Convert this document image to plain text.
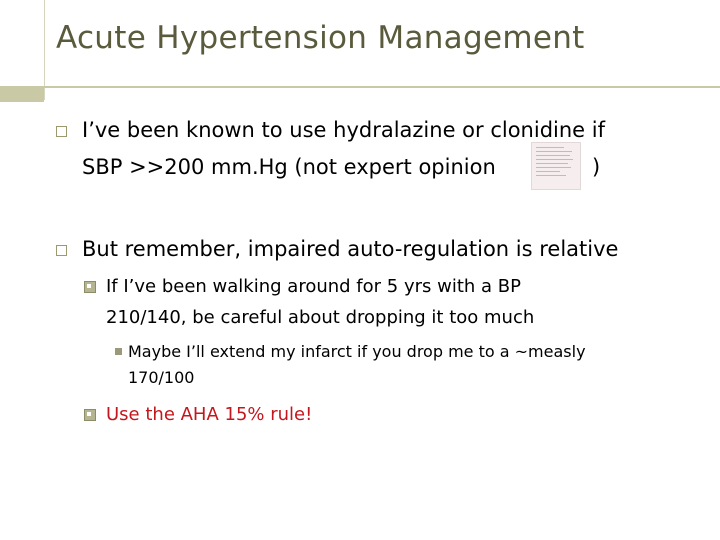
Acute Hypertension Management
I’ve been known to use hydralazine or clonidine if
SBP >>200 mm.Hg (not expert opinion	)
But remember, impaired auto-regulation is relative
If I’ve been walking around for 5 yrs with a BP
210/140, be careful about dropping it too much
Maybe I’ll extend my infarct if you drop me to a ~measly
170/100
Use the AHA 15% rule!
